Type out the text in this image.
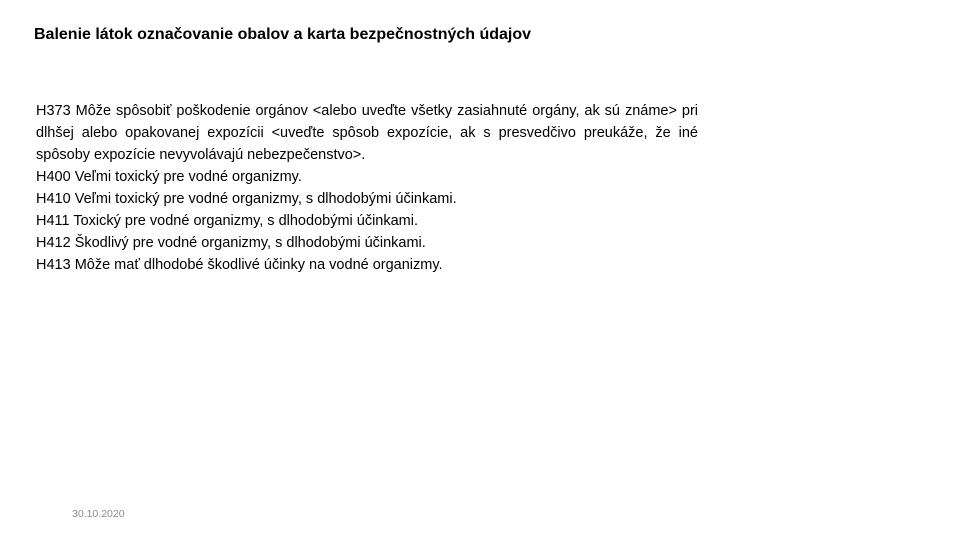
Balenie látok označovanie obalov a karta bezpečnostných údajov

H373 Môže spôsobiť poškodenie orgánov <alebo uveďte všetky zasiahnuté orgány, ak sú známe> pri dlhšej alebo opakovanej expozícii <uveďte spôsob expozície, ak s presvedčivo preukáže, že iné spôsoby expozície nevyvolávajú nebezpečenstvo>.

H400 Veľmi toxický pre vodné organizmy.

H410 Veľmi toxický pre vodné organizmy, s dlhodobými účinkami.

H411 Toxický pre vodné organizmy, s dlhodobými účinkami.

H412 Škodlivý pre vodné organizmy, s dlhodobými účinkami.

H413 Môže mať dlhodobé škodlivé účinky na vodné organizmy.

30.10.2020
